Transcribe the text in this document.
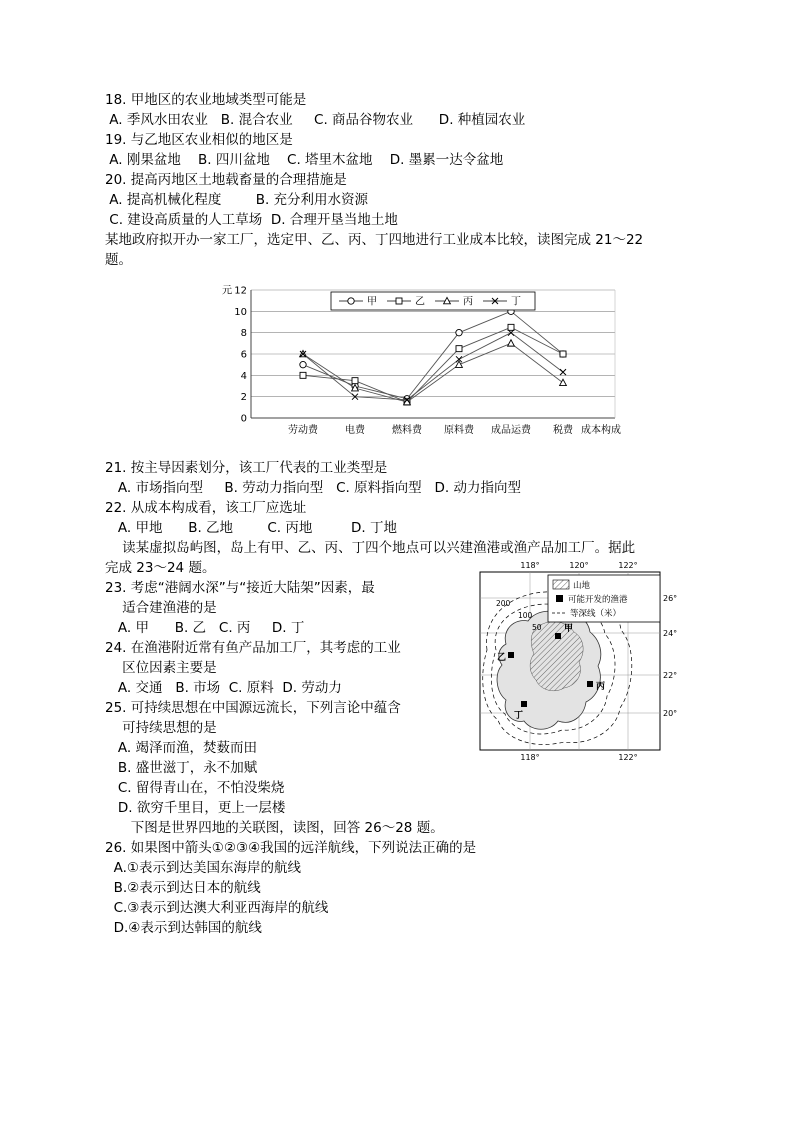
18. 甲地区的农业地域类型可能是
A. 季风水田农业   B. 混合农业     C. 商品谷物农业      D. 种植园农业
19. 与乙地区农业相似的地区是
A. 刚果盆地    B. 四川盆地    C. 塔里木盆地    D. 墨累一达令盆地
20. 提高丙地区土地载畜量的合理措施是
A. 提高机械化程度        B. 充分利用水资源
C. 建设高质量的人工草场  D. 合理开垦当地土地
某地政府拟开办一家工厂，选定甲、乙、丙、丁四地进行工业成本比较，读图完成 21～22
题。
0
2
4
6
8
10
12
元
劳动费	电费	燃料费 原料费 成品运费 税费 成本构成
甲	乙	丙	丁
21. 按主导因素划分，该工厂代表的工业类型是
A. 市场指向型     B. 劳动力指向型   C. 原料指向型   D. 动力指向型
22. 从成本构成看，该工厂应选址
A. 甲地      B. 乙地        C. 丙地         D. 丁地
读某虚拟岛屿图，岛上有甲、乙、丙、丁四个地点可以兴建渔港或渔产品加工厂。据此
200
100
50 甲
乙
丙
丁
118°	120°	122°
26°
24°
22°
20°
118°	122°
山地
可能开发的渔港
等深线（米）
完成 23～24 题。
23. 考虑“港阔水深”与“接近大陆架”因素，最
适合建渔港的是
A. 甲      B. 乙   C. 丙     D. 丁
24. 在渔港附近常有鱼产品加工厂，其考虑的工业
区位因素主要是
A. 交通   B. 市场  C. 原料  D. 劳动力
25. 可持续思想在中国源远流长，下列言论中蕴含
可持续思想的是
A. 竭泽而渔，焚薮而田
B. 盛世滋丁，永不加赋
C. 留得青山在，不怕没柴烧
D. 欲穷千里目，更上一层楼
下图是世界四地的关联图，读图，回答 26～28 题。
26. 如果图中箭头①②③④我国的远洋航线，下列说法正确的是
A.①表示到达美国东海岸的航线
B.②表示到达日本的航线
C.③表示到达澳大利亚西海岸的航线
D.④表示到达韩国的航线
